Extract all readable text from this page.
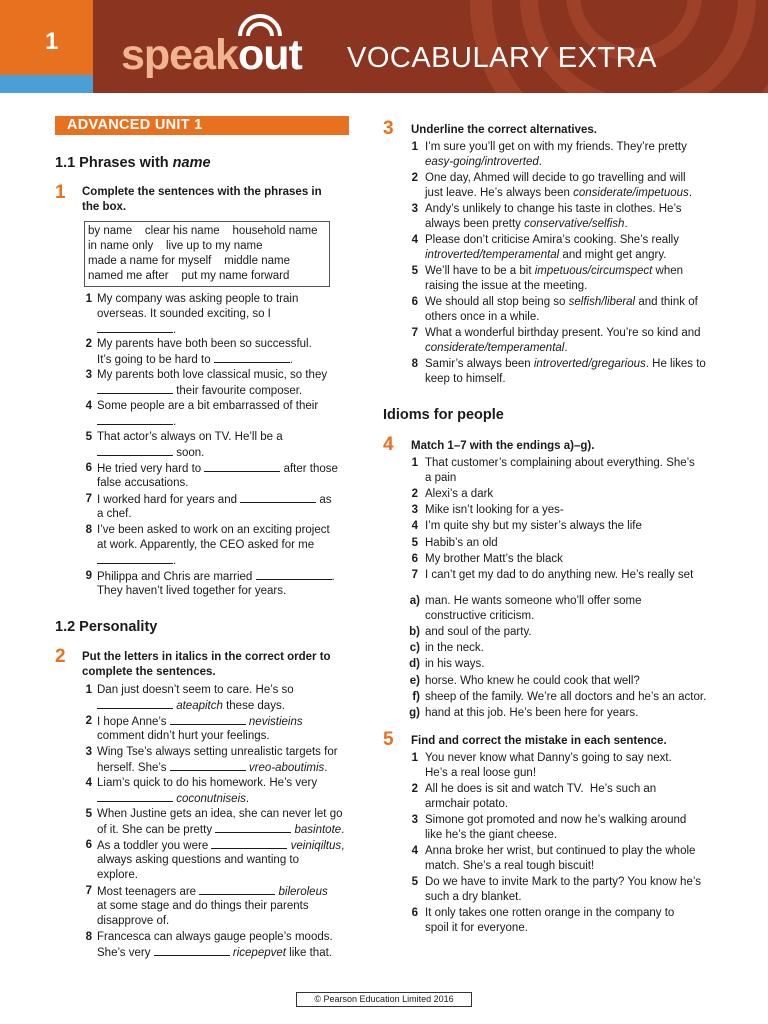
1 speakout VOCABULARY EXTRA
ADVANCED UNIT 1
1.1 Phrases with name
1 Complete the sentences with the phrases in
the box.
by name    clear his name    household name
in name only    live up to my name
made a name for myself    middle name
named me after    put my name forward
1 My company was asking people to train
overseas. It sounded exciting, so I
.
2 My parents have both been so successful.
It’s going to be hard to	.
3 My parents both love classical music, so they
their favourite composer.
4 Some people are a bit embarrassed of their
.
5 That actor’s always on TV. He’ll be a
soon.
6 He tried very hard to	after those
false accusations.
7 I worked hard for years and	as
a chef.
8 I’ve been asked to work on an exciting project
at work. Apparently, the CEO asked for me
.
9 Philippa and Chris are married	.
They haven’t lived together for years.
1.2 Personality
2 Put the letters in italics in the correct order to
complete the sentences.
1 Dan just doesn’t seem to care. He’s so
ateapitch these days.
2 I hope Anne’s	nevistieins
comment didn’t hurt your feelings.
3 Wing Tse’s always setting unrealistic targets for
herself. She’s	vreo-aboutimis.
4 Liam’s quick to do his homework. He’s very
coconutniseis.
5 When Justine gets an idea, she can never let go
of it. She can be pretty	basintote.
6 As a toddler you were	veiniqiltus,
always asking questions and wanting to
explore.
7 Most teenagers are	bileroleus
at some stage and do things their parents
disapprove of.
8 Francesca can always gauge people’s moods.
She’s very	ricepepvet like that.
3 Underline the correct alternatives.
1 I’m sure you’ll get on with my friends. They’re pretty
easy-going/introverted.
2 One day, Ahmed will decide to go travelling and will
just leave. He’s always been considerate/impetuous.
3 Andy’s unlikely to change his taste in clothes. He’s
always been pretty conservative/selfish.
4 Please don’t criticise Amira’s cooking. She’s really
introverted/temperamental and might get angry.
5 We’ll have to be a bit impetuous/circumspect when
raising the issue at the meeting.
6 We should all stop being so selfish/liberal and think of
others once in a while.
7 What a wonderful birthday present. You’re so kind and
considerate/temperamental.
8 Samir’s always been introverted/gregarious. He likes to
keep to himself.
Idioms for people
4 Match 1–7 with the endings a)–g).
1 That customer’s complaining about everything. She’s
a pain
2 Alexi’s a dark
3 Mike isn’t looking for a yes-
4 I’m quite shy but my sister’s always the life
5 Habib’s an old
6 My brother Matt’s the black
7 I can’t get my dad to do anything new. He’s really set
a) man. He wants someone who’ll offer some
constructive criticism.
b) and soul of the party.
c) in the neck.
d) in his ways.
e) horse. Who knew he could cook that well?
f) sheep of the family. We’re all doctors and he’s an actor.
g) hand at this job. He’s been here for years.
5 Find and correct the mistake in each sentence.
1 You never know what Danny’s going to say next.
He’s a real loose gun!
2 All he does is sit and watch TV.  He’s such an
armchair potato.
3 Simone got promoted and now he’s walking around
like he’s the giant cheese.
4 Anna broke her wrist, but continued to play the whole
match. She’s a real tough biscuit!
5 Do we have to invite Mark to the party? You know he’s
such a dry blanket.
6 It only takes one rotten orange in the company to
spoil it for everyone.
© Pearson Education Limited 2016
